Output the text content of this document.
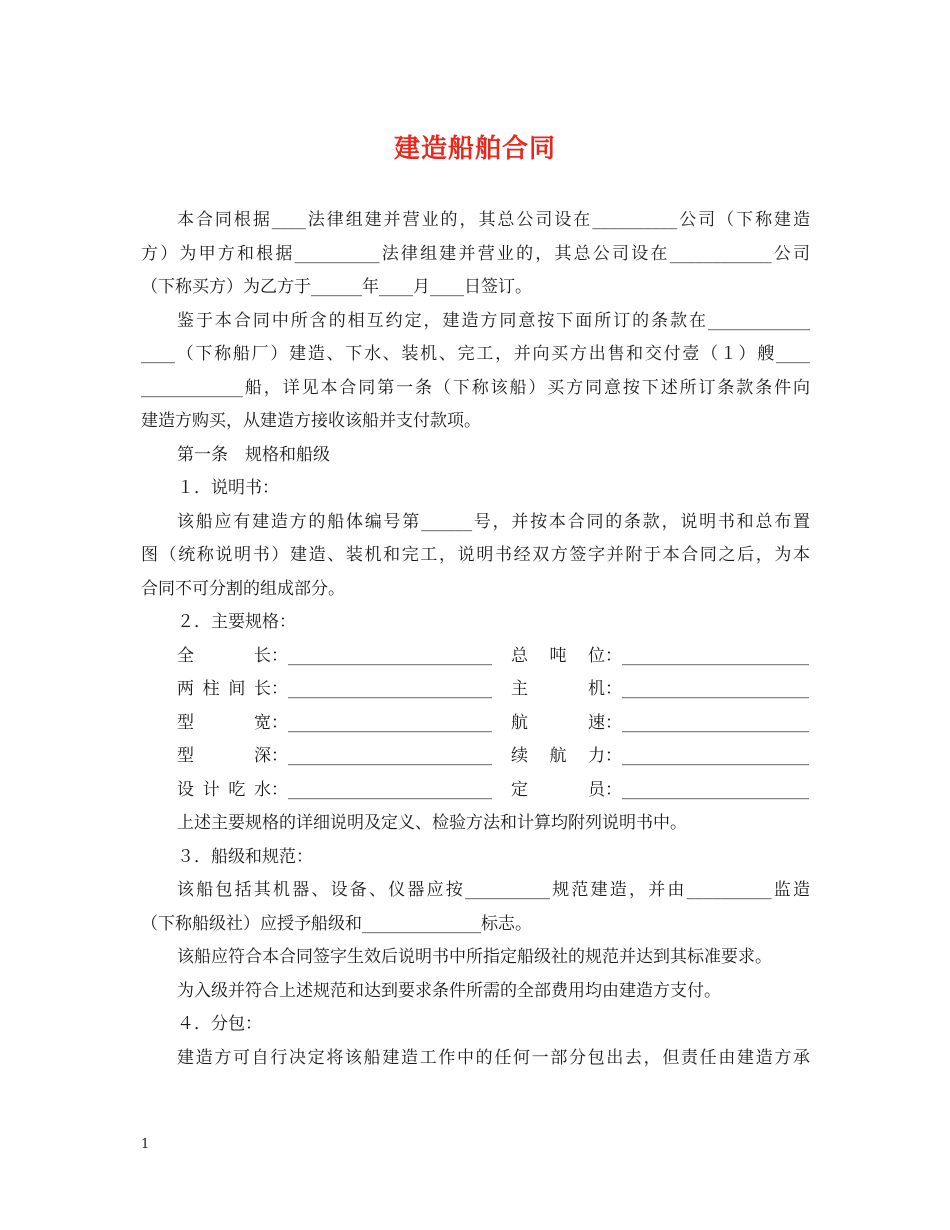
建造船舶合同
本合同根据____法律组建并营业的，其总公司设在__________公司（下称建造
方）为甲方和根据__________法律组建并营业的，其总公司设在____________公司
（下称买方）为乙方于______年____月____日签订。
鉴于本合同中所含的相互约定，建造方同意按下面所订的条款在____________
____（下称船厂）建造、下水、装机、完工，并向买方出售和交付壹（１）艘____
____________船，详见本合同第一条（下称该船）买方同意按下述所订条款条件向
建造方购买，从建造方接收该船并支付款项。
第一条　规格和船级
１．说明书：
该船应有建造方的船体编号第______号，并按本合同的条款，说明书和总布置
图（统称说明书）建造、装机和完工，说明书经双方签字并附于本合同之后，为本
合同不可分割的组成部分。
２．主要规格：
全长 ：________________________ 总吨位 ：______________________
两柱间长 ：________________________ 主机 ：______________________
型宽 ：________________________ 航速 ：______________________
型深 ：________________________ 续航力 ：______________________
设计吃水 ：________________________ 定员 ：______________________
上述主要规格的详细说明及定义、检验方法和计算均附列说明书中。
３．船级和规范：
该船包括其机器、设备、仪器应按__________规范建造，并由__________监造
（下称船级社）应授予船级和______________标志。
该船应符合本合同签字生效后说明书中所指定船级社的规范并达到其标准要求。
为入级并符合上述规范和达到要求条件所需的全部费用均由建造方支付。
４．分包：
建造方可自行决定将该船建造工作中的任何一部分包出去，但责任由建造方承
1
